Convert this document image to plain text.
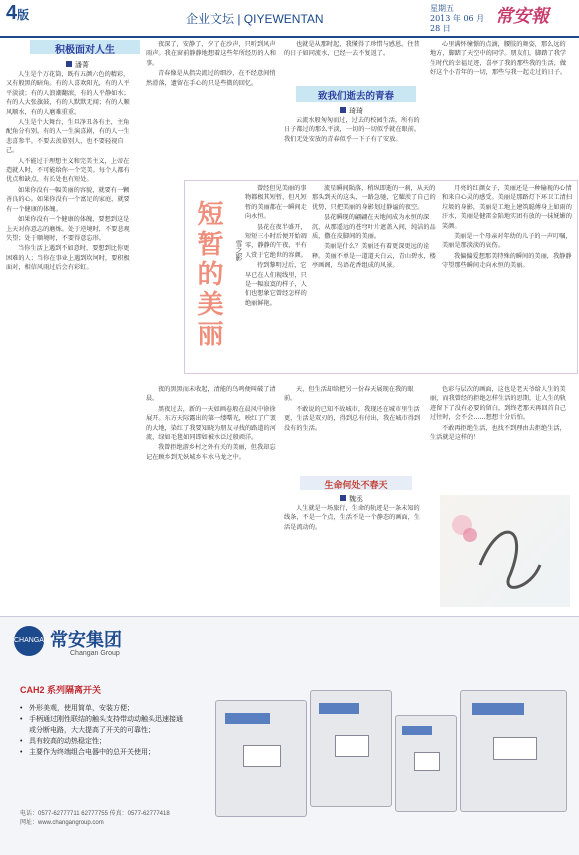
4版	企业文坛 | QIYEWENTAN
星期五
2013 年 06 月 28 日
常安報
积极面对人生
潘菁

人生是个万花筒，既有五颜六色的精彩，又有般黑的暗角。有的人喜欢阳光，有的人平平淡淡；有的人浪潮翻滚，有的人平静如水；有的人大张旗鼓，有的人默默无闻；有的人顺风顺水，有的人磨难重重。

人生是个大舞台，生旦净丑各有主，主角配角分有别。有的人一生演喜剧，有的人一生悲喜参半。不要去羡慕别人，也不要轻视自己。

人不能过于理想主义和完美主义，上帝在造就人时，不可能给你一个完美。每个人都有优点和缺点，有长处也有短处。

如果你没有一幅美丽的容貌，就要有一颗善良的心。如果你没有一个富足的家庭，就要有一个健康的体魄。

如果你没有一个健康的体魄，要想到这是上天对你意志的磨炼。处于逆境时，不要悲观失望；处于顺境时，不要得意忘形。

当你生活上遇到不如意时，要想到比你更困难的人；当你在事业上遇到坎坷时，要积极面对，相信风雨过后会有彩虹。

夜深了，安静了，夕了在沙声，只听到风声雨声。我在窗前静静地想着这些年所经历的人和事。

青春像是从指尖流过的细沙，在不经意间悄然滑落，遗留在手心的只是些微的回忆。

也就是从那时起，我懂得了珍惜与感恩。往昔的日子如同流水，已经一去不复返了。

致我们逝去的青春
琦琦

云流水般匆匆而过，过去的校园生活，所有的日子都过的那么平淡，一切的一切似乎就在眼前。我们无处安放的青春似乎一下子有了安放。

心里满怀憧憬的点滴，腰肢的舞姿，那么远的地方，脚踏了天空中的同学。朋友们，脚踏了我学生时代的幸福足迹，喜亭了我的那些我的生活，做好这个小青年的一切，那些与我一起走过的日子。

短暂的美丽	雪之影

曾经但见美丽的事物都极其短暂，但凡短暂的美丽都在一瞬间走向永恒。

昙花在夜半盛开，短短三小时后便开始凋零，静静的午夜，平有人赏于它绝世的容颜。

待到黎明过后，它早已在人们视线里，只是一幅寂寞的样子，人们也想象它曾经怎样的绝丽鲜艳。

流星瞬间陨落，稍纵即逝的一刹，从天的那头到天的这头，一路急驰，它耀羡了自己的优势，只把美丽的身影划过静谧的夜空。

昙花瞬现的翩翩在天地间成为永恒的深沉，从那遥远的苍穹叶片遮盖入间，纯洁的品质，撒在皮脚间的美丽。

美丽是什么？美丽还有着更深更远的诠释。美丽不单是一道道天白云，青山碧水，楼亭画阁，鸟语花香组成的风景。

月亮的红颜女子，美丽还是一种输视的心情和来自心灵的感受。美丽是那路灯下环卫工清扫垃圾的身影，美丽是工地上建筑聪傅身上如雨的汗水，美丽是健雷金陷地实团有放的一抹妩媚的笑颜。

美丽是一个母亲对年幼的儿子的一声叮嘱，美丽是那淡淡的哀伤。

我偏偏爱想那美特殊的瞬间的美丽，我静静守望那些瞬间走向永恒的美丽。

夜的黑黑而未收起，清能的鸟鸣便叫破了清晨。

黑夜过去，新的一天如画卷般在晨风中徐徐展开。东方天际露出的第一缕曙光，映红了广袤的大地，染红了我要知晓为朋友寻找的路道的河流，绿如毛毯如同即如被水泛过般顽洋。

我曾拒绝游乡村之外有关的美丽，但我却忘记在顾乡到无妖城乡车水马龙之中。

天，但生活却给把另一份春天展现在我的眼前。

不敢说的已知不故城市，我现还在城市里生活更，生活是双刃的，得到总有付出，我在城市得到没有的生活。

生命何处不春天
魏丞

人生就是一场旅行，生命的轨迹是一条未知的线条，不是一个点，生活不是一个静态的画面，生活是流动的。

色彩与层次的画面，这也是老天爷给人生的美丽，而我曾经的拒绝怎样生活的思期，让人生的轨迹留下了没有必要的留白，到终老那天再回首自己过往时，会不会……想想十分后怕。

不敢再拒绝生活，也找不到理由去拒绝生活，生活就是这样的！

CHANGAN 常安集团
Changan Group
CAH2 系列隔离开关
• 外形美观，使用简单，安装方便；
• 手柄通过刚性联结的触头支持带动动触头迅速接通或分断电路，大大提高了开关的可靠性；
• 具有较高的动热稳定性；
• 主要作为终端组合电器中的总开关使用；
电话：0577-62777711 62777755 传真：0577-62777418
网址：www.changangroup.com
